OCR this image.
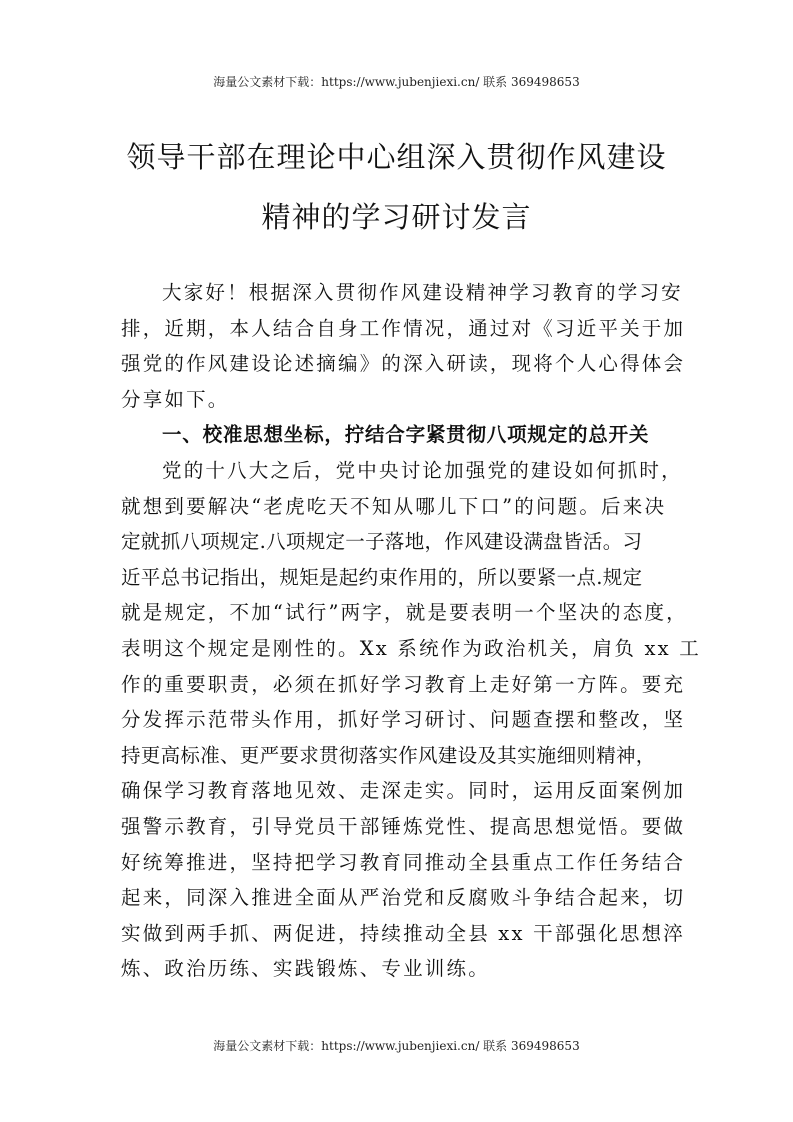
海量公文素材下载：https://www.jubenjiexi.cn/ 联系 369498653
领导干部在理论中心组深入贯彻作风建设
精神的学习研讨发言
大家好！根据深入贯彻作风建设精神学习教育的学习安
排，近期，本人结合自身工作情况，通过对《习近平关于加
强党的作风建设论述摘编》的深入研读，现将个人心得体会
分享如下。
一、校准思想坐标，拧结合字紧贯彻八项规定的总开关
党的十八大之后，党中央讨论加强党的建设如何抓时，
就想到要解决“老虎吃天不知从哪儿下口”的问题。后来决
定就抓八项规定.八项规定一子落地，作风建设满盘皆活。习
近平总书记指出，规矩是起约束作用的，所以要紧一点.规定
就是规定，不加“试行”两字，就是要表明一个坚决的态度，
表明这个规定是刚性的。Xx 系统作为政治机关，肩负 xx 工
作的重要职责，必须在抓好学习教育上走好第一方阵。要充
分发挥示范带头作用，抓好学习研讨、问题查摆和整改，坚
持更高标准、更严要求贯彻落实作风建设及其实施细则精神，
确保学习教育落地见效、走深走实。同时，运用反面案例加
强警示教育，引导党员干部锤炼党性、提高思想觉悟。要做
好统筹推进，坚持把学习教育同推动全县重点工作任务结合
起来，同深入推进全面从严治党和反腐败斗争结合起来，切
实做到两手抓、两促进，持续推动全县 xx 干部强化思想淬
炼、政治历练、实践锻炼、专业训练。
海量公文素材下载：https://www.jubenjiexi.cn/ 联系 369498653
